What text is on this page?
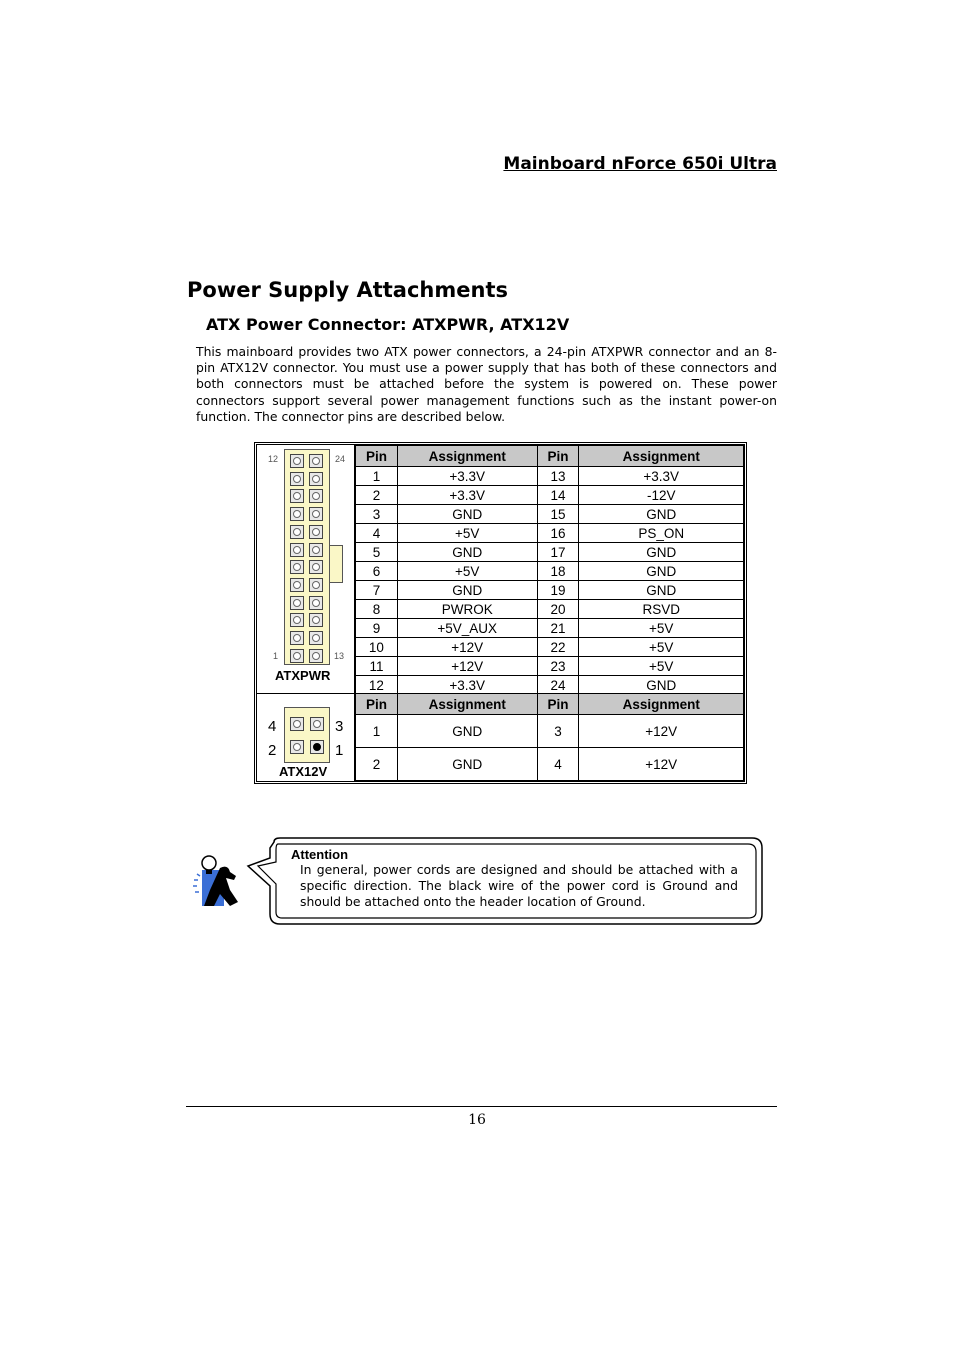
Mainboard nForce 650i Ultra
Power Supply Attachments
ATX Power Connector: ATXPWR, ATX12V
This mainboard provides two ATX power connectors, a 24-pin ATXPWR connector and an 8-pin ATX12V connector. You must use a power supply that has both of these connectors and both connectors must be attached before the system is powered on. These power connectors support several power management functions such as the instant power-on function. The connector pins are described below.
12	24
1	13
ATXPWR
4	3
2	1
ATX12V
Pin	Assignment	Pin	Assignment
1	+3.3V	13	+3.3V
2	+3.3V	14	-12V
3	GND	15	GND
4	+5V	16	PS_ON
5	GND	17	GND
6	+5V	18	GND
7	GND	19	GND
8	PWROK	20	RSVD
9	+5V_AUX	21	+5V
10	+12V	22	+5V
11	+12V	23	+5V
12	+3.3V	24	GND
Pin	Assignment	Pin	Assignment
1	GND	3	+12V
2	GND	4	+12V
Attention
In general, power cords are designed and should be attached with a specific direction. The black wire of the power cord is Ground and should be attached onto the header location of Ground.
16
